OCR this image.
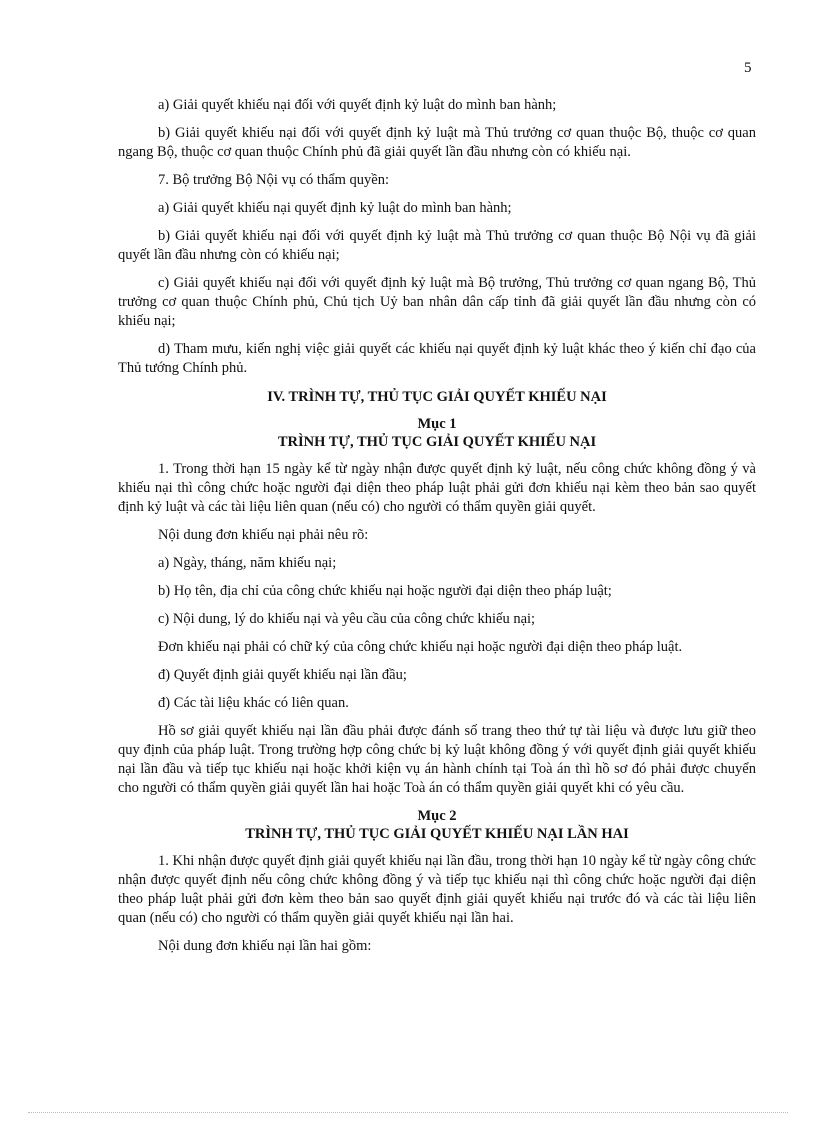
5

a) Giải quyết khiếu nại đối với quyết định kỷ luật do mình ban hành;

b) Giải quyết khiếu nại đối với quyết định kỷ luật mà Thủ trưởng cơ quan thuộc Bộ, thuộc cơ quan ngang Bộ, thuộc cơ quan thuộc Chính phủ đã giải quyết lần đầu nhưng còn có khiếu nại.

7. Bộ trưởng Bộ Nội vụ có thẩm quyền:

a) Giải quyết khiếu nại quyết định kỷ luật do mình ban hành;

b) Giải quyết khiếu nại đối với quyết định kỷ luật mà Thủ trưởng cơ quan thuộc Bộ Nội vụ đã giải quyết lần đầu nhưng còn có khiếu nại;

c) Giải quyết khiếu nại đối với quyết định kỷ luật mà Bộ trưởng, Thủ trưởng cơ quan ngang Bộ, Thủ trưởng cơ quan thuộc Chính phủ, Chủ tịch Uỷ ban nhân dân cấp tỉnh đã giải quyết lần đầu nhưng còn có khiếu nại;

d) Tham mưu, kiến nghị việc giải quyết các khiếu nại quyết định kỷ luật khác theo ý kiến chỉ đạo của Thủ tướng Chính phủ.

IV. TRÌNH TỰ, THỦ TỤC GIẢI QUYẾT KHIẾU NẠI
Mục 1
TRÌNH TỰ, THỦ TỤC GIẢI QUYẾT KHIẾU NẠI

1. Trong thời hạn 15 ngày kể từ ngày nhận được quyết định kỷ luật, nếu công chức không đồng ý và khiếu nại thì công chức hoặc người đại diện theo pháp luật phải gửi đơn khiếu nại kèm theo bản sao quyết định kỷ luật và các tài liệu liên quan (nếu có) cho người có thẩm quyền giải quyết.

Nội dung đơn khiếu nại phải nêu rõ:

a) Ngày, tháng, năm khiếu nại;

b) Họ tên, địa chỉ của công chức khiếu nại hoặc người đại diện theo pháp luật;

c) Nội dung, lý do khiếu nại và yêu cầu của công chức khiếu nại;

Đơn khiếu nại phải có chữ ký của công chức khiếu nại hoặc người đại diện theo pháp luật.

đ) Quyết định giải quyết khiếu nại lần đầu;

đ) Các tài liệu khác có liên quan.

Hồ sơ giải quyết khiếu nại lần đầu phải được đánh số trang theo thứ tự tài liệu và được lưu giữ theo quy định của pháp luật. Trong trường hợp công chức bị kỷ luật không đồng ý với quyết định giải quyết khiếu nại lần đầu và tiếp tục khiếu nại hoặc khởi kiện vụ án hành chính tại Toà án thì hồ sơ đó phải được chuyển cho người có thẩm quyền giải quyết lần hai hoặc Toà án có thẩm quyền giải quyết khi có yêu cầu.

Mục 2
TRÌNH TỰ, THỦ TỤC GIẢI QUYẾT KHIẾU NẠI LẦN HAI

1. Khi nhận được quyết định giải quyết khiếu nại lần đầu, trong thời hạn 10 ngày kể từ ngày công chức nhận được quyết định nếu công chức không đồng ý và tiếp tục khiếu nại thì công chức hoặc người đại diện theo pháp luật phải gửi đơn kèm theo bản sao quyết định giải quyết khiếu nại trước đó và các tài liệu liên quan (nếu có) cho người có thẩm quyền giải quyết khiếu nại lần hai.

Nội dung đơn khiếu nại lần hai gồm:
